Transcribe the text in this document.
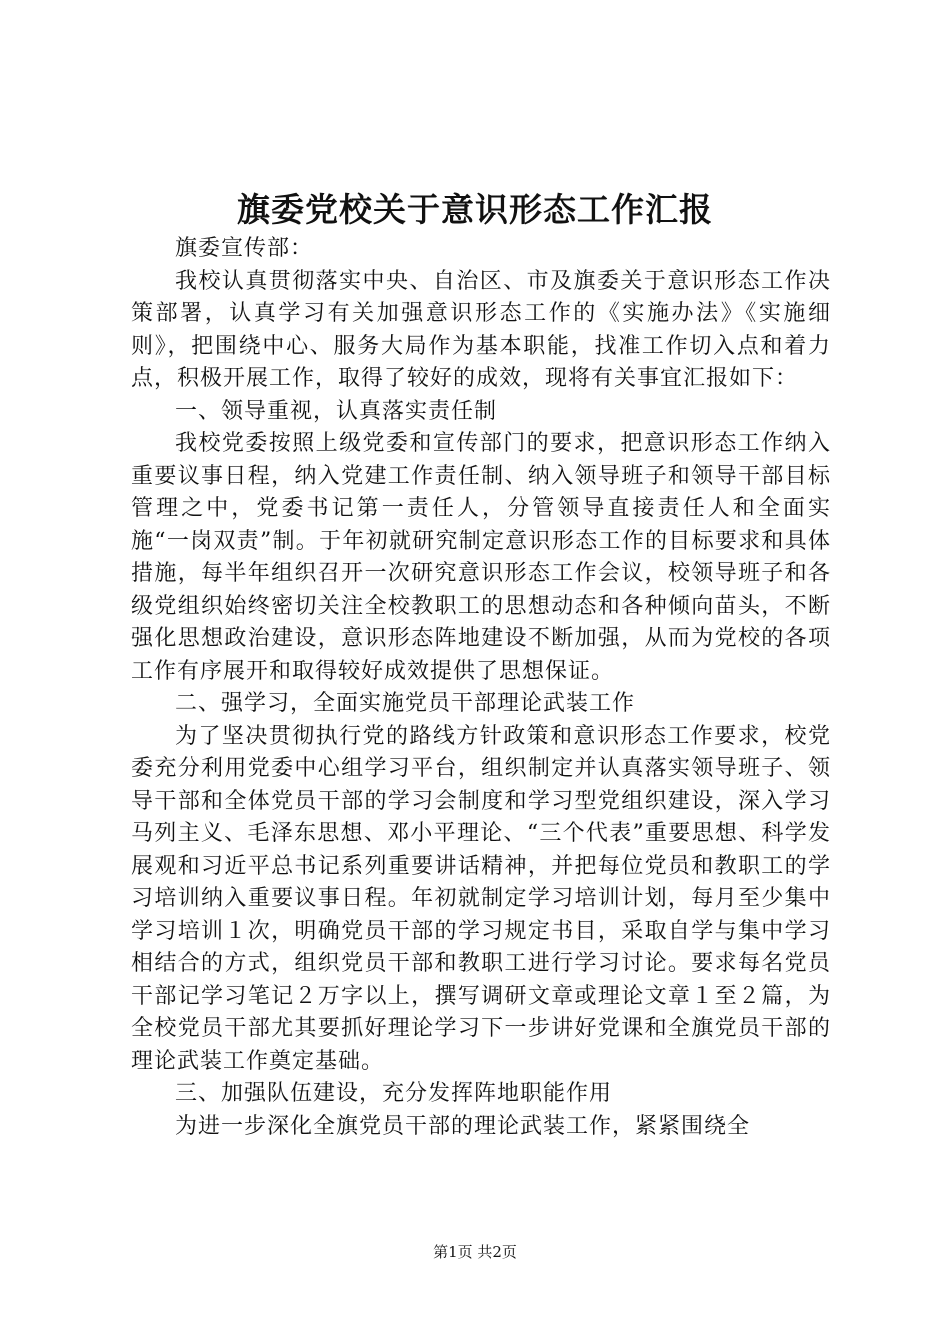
旗委党校关于意识形态工作汇报

旗委宣传部：

我校认真贯彻落实中央、自治区、市及旗委关于意识形态工作决策部署，认真学习有关加强意识形态工作的《实施办法》《实施细则》，把围绕中心、服务大局作为基本职能，找准工作切入点和着力点，积极开展工作，取得了较好的成效，现将有关事宜汇报如下：

一、领导重视，认真落实责任制

我校党委按照上级党委和宣传部门的要求，把意识形态工作纳入重要议事日程，纳入党建工作责任制、纳入领导班子和领导干部目标管理之中，党委书记第一责任人，分管领导直接责任人和全面实施“一岗双责”制。于年初就研究制定意识形态工作的目标要求和具体措施，每半年组织召开一次研究意识形态工作会议，校领导班子和各级党组织始终密切关注全校教职工的思想动态和各种倾向苗头，不断强化思想政治建设，意识形态阵地建设不断加强，从而为党校的各项工作有序展开和取得较好成效提供了思想保证。

二、强学习，全面实施党员干部理论武装工作

为了坚决贯彻执行党的路线方针政策和意识形态工作要求，校党委充分利用党委中心组学习平台，组织制定并认真落实领导班子、领导干部和全体党员干部的学习会制度和学习型党组织建设，深入学习马列主义、毛泽东思想、邓小平理论、“三个代表”重要思想、科学发展观和习近平总书记系列重要讲话精神，并把每位党员和教职工的学习培训纳入重要议事日程。年初就制定学习培训计划，每月至少集中学习培训１次，明确党员干部的学习规定书目，采取自学与集中学习相结合的方式，组织党员干部和教职工进行学习讨论。要求每名党员干部记学习笔记２万字以上，撰写调研文章或理论文章１至２篇，为全校党员干部尤其要抓好理论学习下一步讲好党课和全旗党员干部的理论武装工作奠定基础。

三、加强队伍建设，充分发挥阵地职能作用

为进一步深化全旗党员干部的理论武装工作，紧紧围绕全

第1页 共2页
